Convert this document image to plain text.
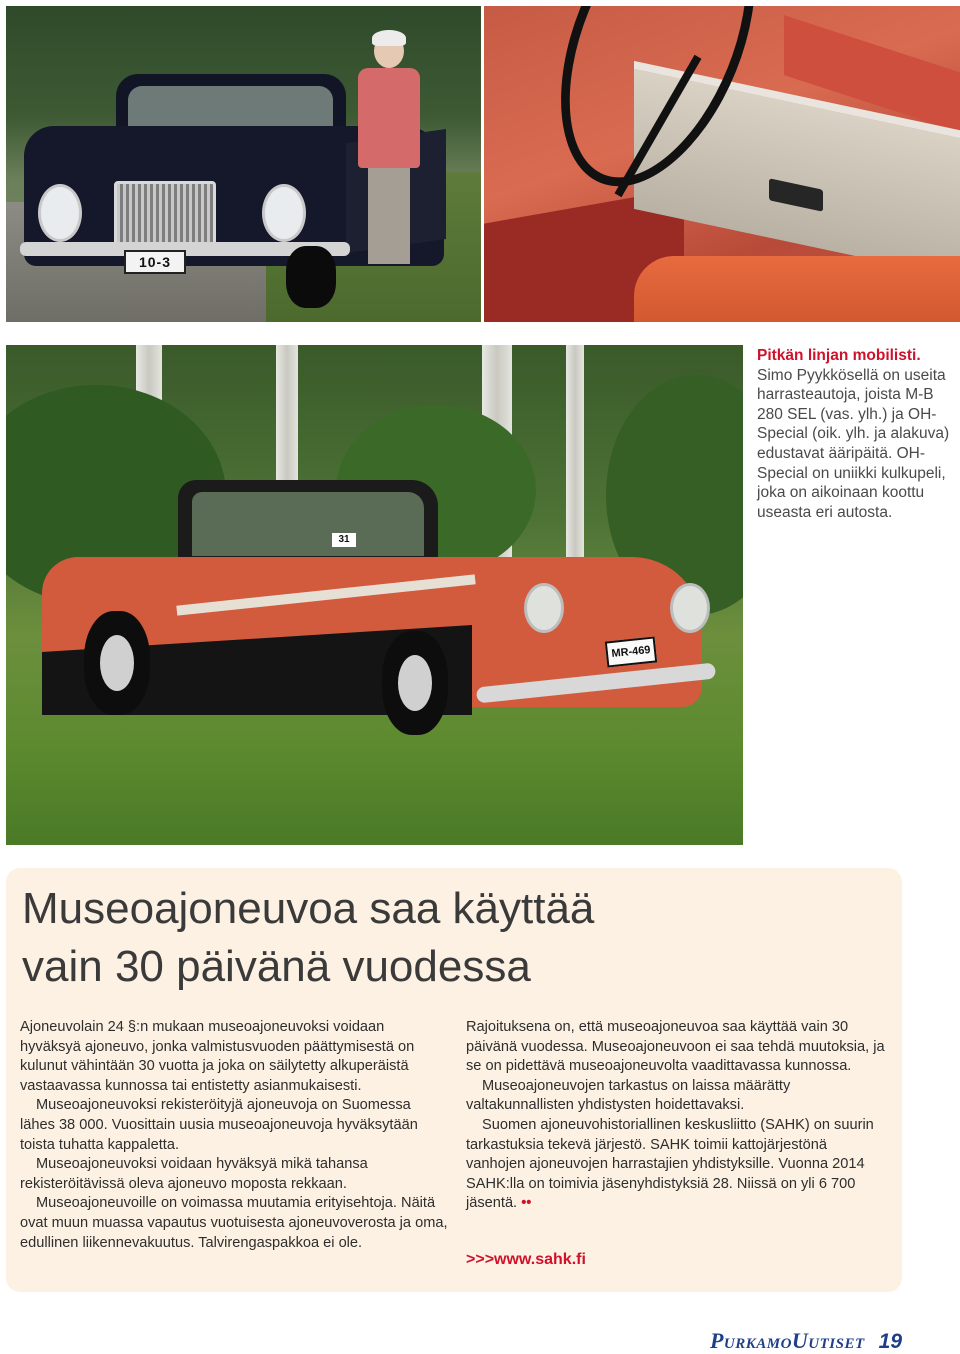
10-3
MR-469
31
Pitkän linjan mobilisti. Simo Pyykkösellä on useita harrasteautoja, joista M-B 280 SEL (vas. ylh.) ja OH-Special (oik. ylh. ja alakuva) edustavat ääripäitä. OH-Special on uniikki kulkupeli, joka on aikoinaan koottu useasta eri autosta.
Museoajoneuvoa saa käyttää
vain 30 päivänä vuodessa

Ajoneuvolain 24 §:n mukaan museoajoneuvoksi voidaan hyväksyä ajoneuvo, jonka valmistusvuoden päättymisestä on kulunut vähintään 30 vuotta ja joka on säilytetty alkuperäistä vastaavassa kunnossa tai entistetty asianmukaisesti.

Museoajoneuvoksi rekisteröityjä ajoneuvoja on Suomessa lähes 38 000. Vuosittain uusia museoajoneuvoja hyväksytään toista tuhatta kappaletta.

Museoajoneuvoksi voidaan hyväksyä mikä tahansa rekisteröitävissä oleva ajoneuvo moposta rekkaan.

Museoajoneuvoille on voimassa muutamia erityisehtoja. Näitä ovat muun muassa vapautus vuotuisesta ajoneuvoverosta ja oma, edullinen liikennevakuutus. Talvirengaspakkoa ei ole.

Rajoituksena on, että museoajoneuvoa saa käyttää vain 30 päivänä vuodessa. Museoajoneuvoon ei saa tehdä muutoksia, ja se on pidettävä museoajoneuvolta vaadittavassa kunnossa.

Museoajoneuvojen tarkastus on laissa määrätty valtakunnallisten yhdistysten hoidettavaksi.

Suomen ajoneuvohistoriallinen keskusliitto (SAHK) on suurin tarkastuksia tekevä järjestö. SAHK toimii kattojärjestönä vanhojen ajoneuvojen harrastajien yhdistyksille. Vuonna 2014 SAHK:lla on toimivia jäsenyhdistyksiä 28. Niissä on yli 6 700 jäsentä. ••

>>>www.sahk.fi
PurkamoUutiset 19
